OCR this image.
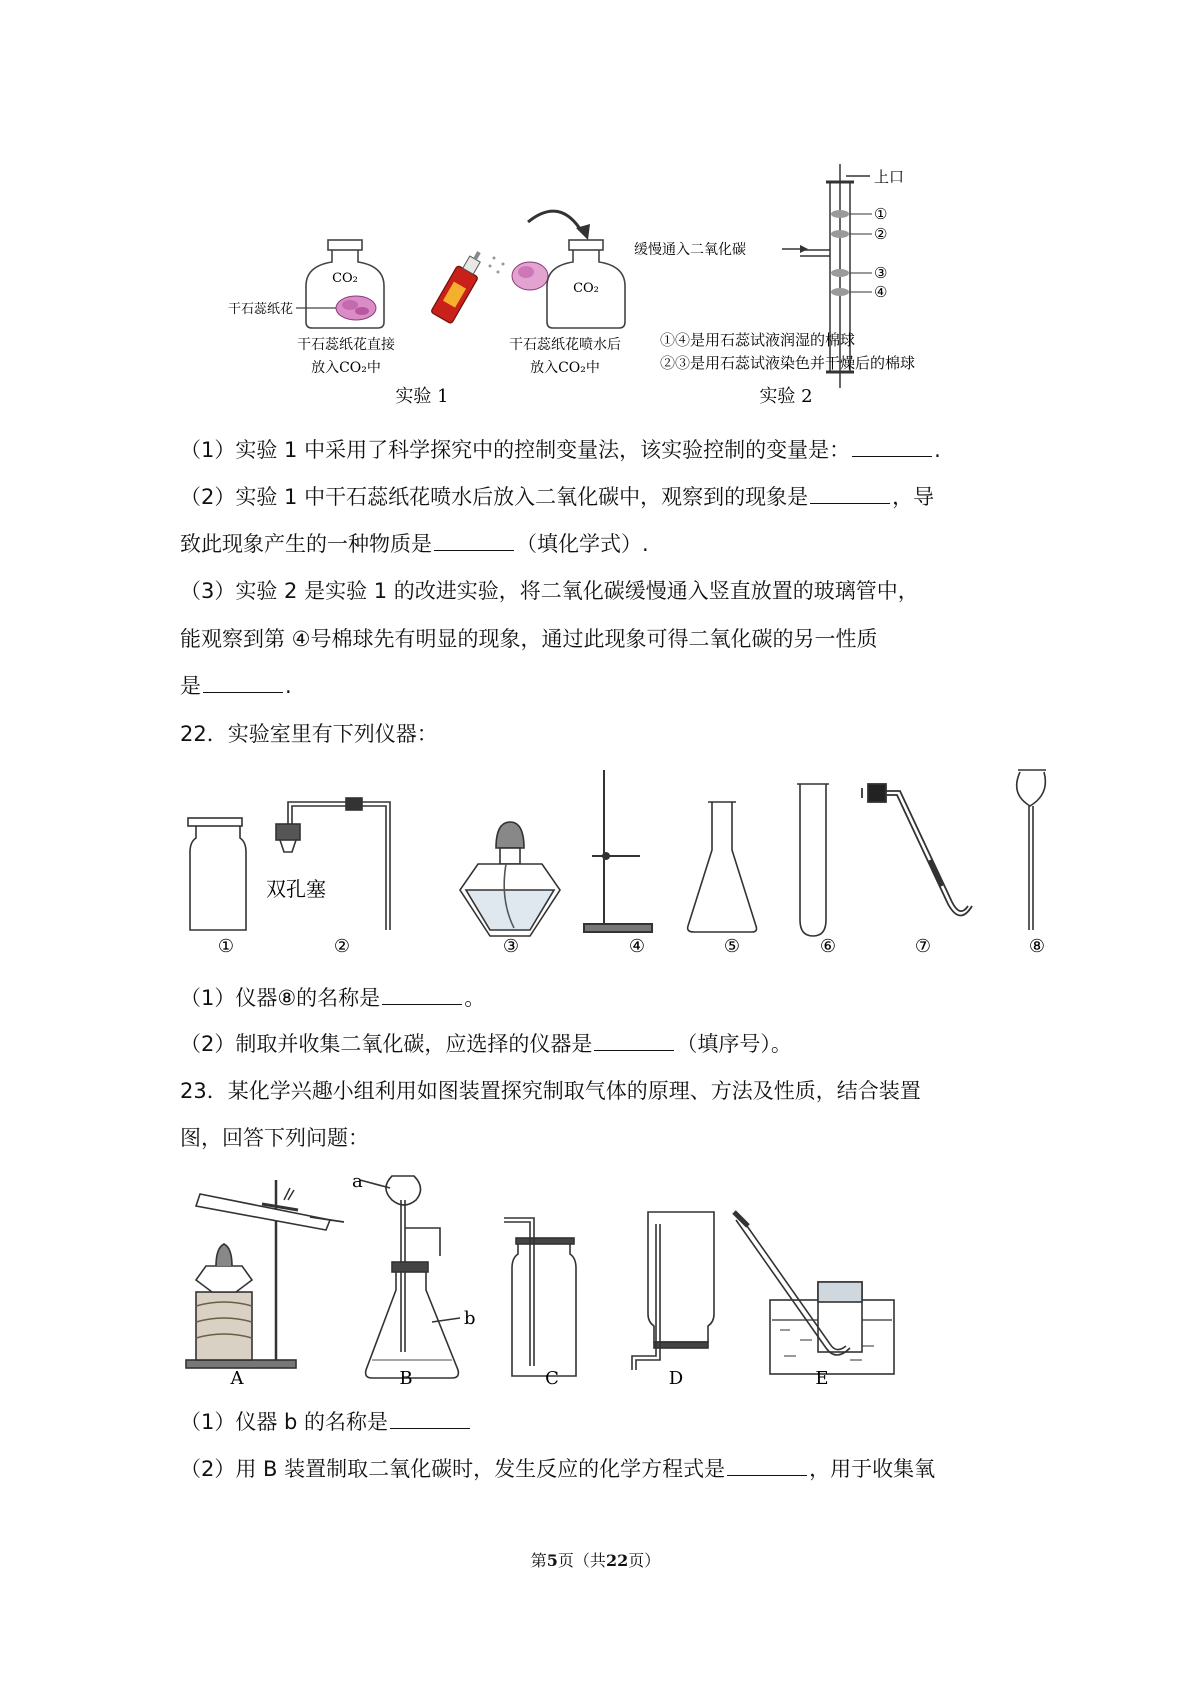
CO₂
干石蕊纸花
干石蕊纸花直接
放入CO₂中
CO₂
干石蕊纸花喷水后
放入CO₂中
实验 1
上口
①
②
③
④
缓慢通入二氧化碳
①④是用石蕊试液润湿的棉球
②③是用石蕊试液染色并干燥后的棉球
实验 2
（1）实验 1 中采用了科学探究中的控制变量法，该实验控制的变量是：	.
（2）实验 1 中干石蕊纸花喷水后放入二氧化碳中，观察到的现象是	，导
致此现象产生的一种物质是	（填化学式）.
（3）实验 2 是实验 1 的改进实验，将二氧化碳缓慢通入竖直放置的玻璃管中，
能观察到第 ④号棉球先有明显的现象，通过此现象可得二氧化碳的另一性质
是	.
22．实验室里有下列仪器：
双孔塞
①	②	③	④	⑤	⑥	⑦	⑧
（1）仪器⑧的名称是	。
（2）制取并收集二氧化碳，应选择的仪器是	（填序号）。
23．某化学兴趣小组利用如图装置探究制取气体的原理、方法及性质，结合装置
图，回答下列问题：
a
b
A	B	C	D	E
（1）仪器 b 的名称是
（2）用 B 装置制取二氧化碳时，发生反应的化学方程式是	，用于收集氧
第5页（共22页）
